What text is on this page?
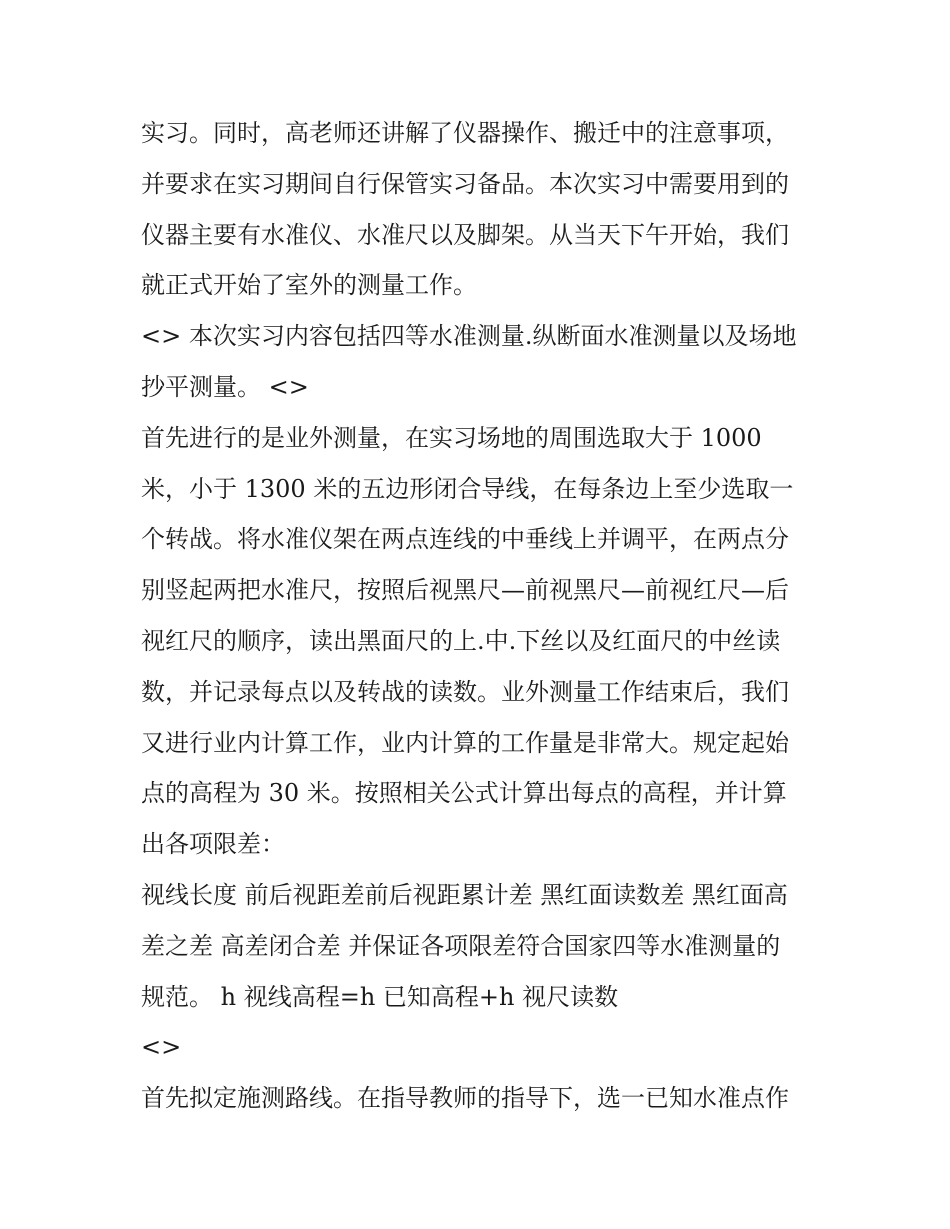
实习。同时，高老师还讲解了仪器操作、搬迁中的注意事项，
并要求在实习期间自行保管实习备品。本次实习中需要用到的
仪器主要有水准仪、水准尺以及脚架。从当天下午开始，我们
就正式开始了室外的测量工作。
<> 本次实习内容包括四等水准测量.纵断面水准测量以及场地
抄平测量。 <>
首先进行的是业外测量，在实习场地的周围选取大于 1000
米，小于 1300 米的五边形闭合导线，在每条边上至少选取一
个转战。将水准仪架在两点连线的中垂线上并调平，在两点分
别竖起两把水准尺，按照后视黑尺—前视黑尺—前视红尺—后
视红尺的顺序，读出黑面尺的上.中.下丝以及红面尺的中丝读
数，并记录每点以及转战的读数。业外测量工作结束后，我们
又进行业内计算工作，业内计算的工作量是非常大。规定起始
点的高程为 30 米。按照相关公式计算出每点的高程，并计算
出各项限差：
视线长度 前后视距差前后视距累计差 黑红面读数差 黑红面高
差之差 高差闭合差 并保证各项限差符合国家四等水准测量的
规范。 h 视线高程=h 已知高程+h 视尺读数
<>
首先拟定施测路线。在指导教师的指导下，选一已知水准点作
